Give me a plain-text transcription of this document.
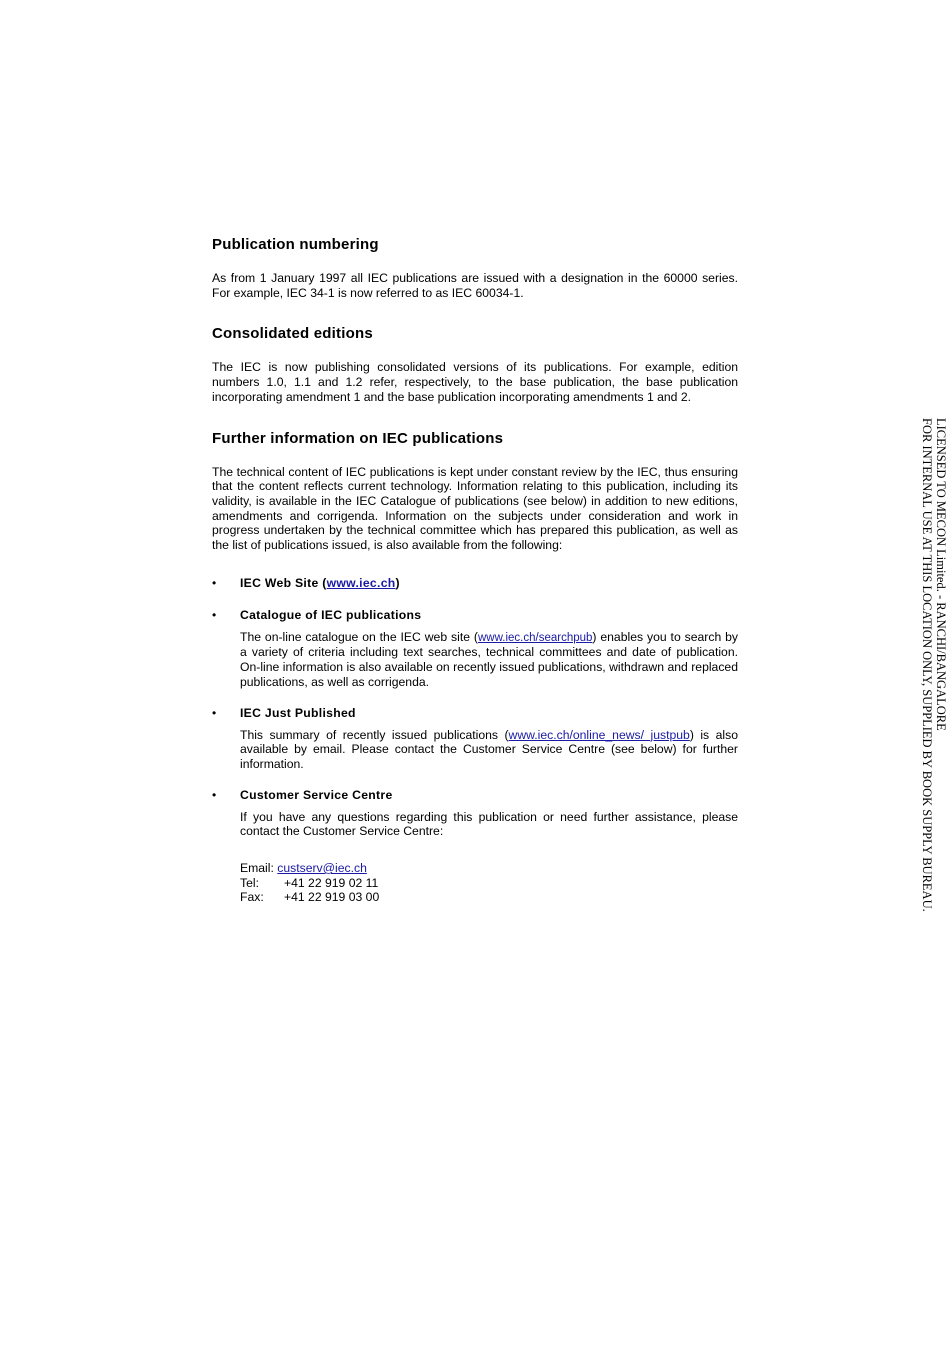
Publication numbering

As from 1 January 1997 all IEC publications are issued with a designation in the 60000 series. For example, IEC 34-1 is now referred to as IEC 60034-1.

Consolidated editions

The IEC is now publishing consolidated versions of its publications. For example, edition numbers 1.0, 1.1 and 1.2 refer, respectively, to the base publication, the base publication incorporating amendment 1 and the base publication incorporating amendments 1 and 2.

Further information on IEC publications

The technical content of IEC publications is kept under constant review by the IEC, thus ensuring that the content reflects current technology. Information relating to this publication, including its validity, is available in the IEC Catalogue of publications (see below) in addition to new editions, amendments and corrigenda. Information on the subjects under consideration and work in progress undertaken by the technical committee which has prepared this publication, as well as the list of publications issued, is also available from the following:

• IEC Web Site (www.iec.ch)
• Catalogue of IEC publications

The on-line catalogue on the IEC web site (www.iec.ch/searchpub) enables you to search by a variety of criteria including text searches, technical committees and date of publication. On-line information is also available on recently issued publications, withdrawn and replaced publications, as well as corrigenda.

• IEC Just Published

This summary of recently issued publications (www.iec.ch/online_news/ justpub) is also available by email. Please contact the Customer Service Centre (see below) for further information.

• Customer Service Centre

If you have any questions regarding this publication or need further assistance, please contact the Customer Service Centre:

Email: custserv@iec.ch
Tel: +41 22 919 02 11
Fax: +41 22 919 03 00
LICENSED TO MECON Limited. - RANCHI/BANGALORE
FOR INTERNAL USE AT THIS LOCATION ONLY, SUPPLIED BY BOOK SUPPLY BUREAU.
